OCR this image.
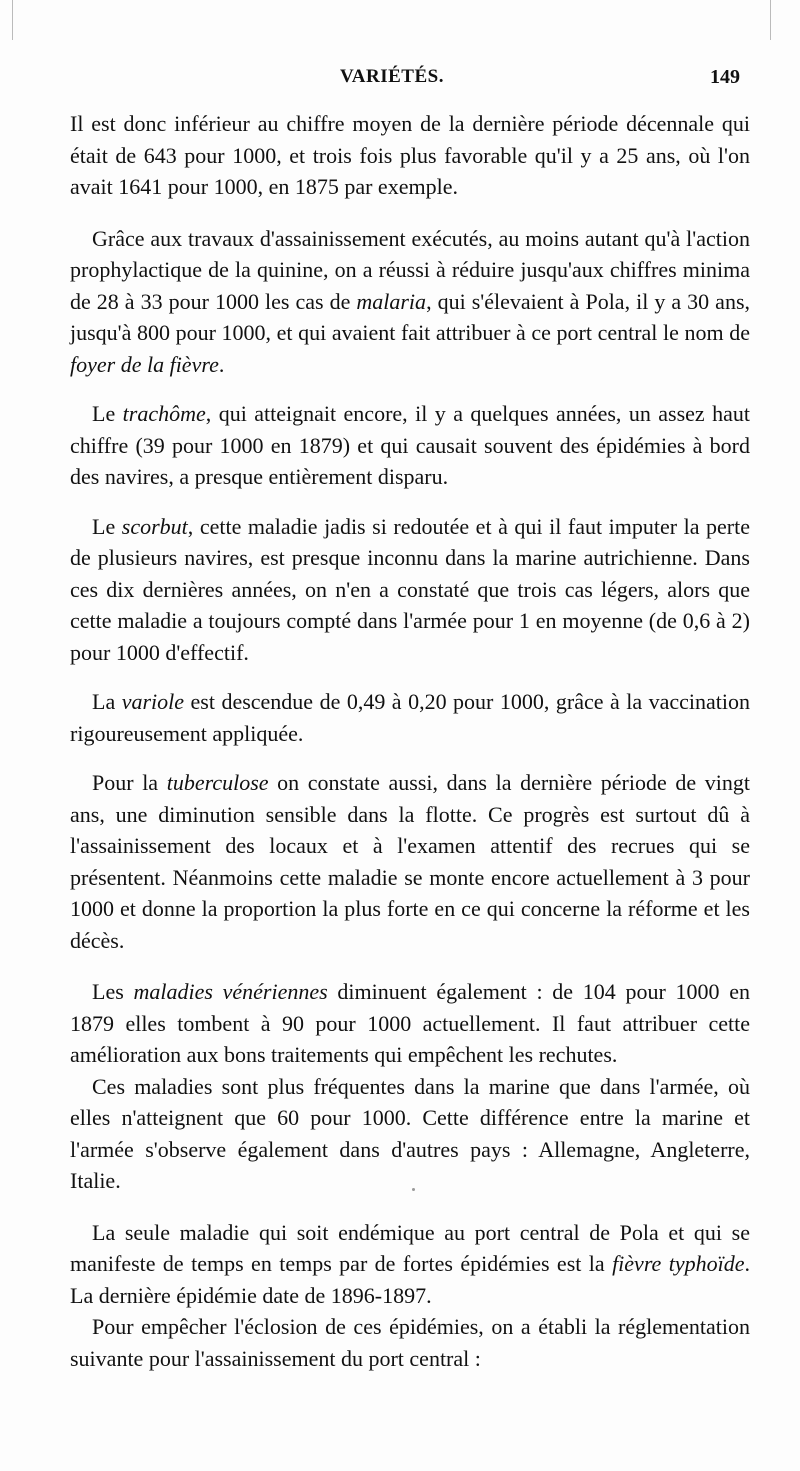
VARIÉTÉS.	149

Il est donc inférieur au chiffre moyen de la dernière période décennale qui était de 643 pour 1000, et trois fois plus favorable qu'il y a 25 ans, où l'on avait 1641 pour 1000, en 1875 par exemple.

Grâce aux travaux d'assainissement exécutés, au moins autant qu'à l'action prophylactique de la quinine, on a réussi à réduire jusqu'aux chiffres minima de 28 à 33 pour 1000 les cas de malaria, qui s'élevaient à Pola, il y a 30 ans, jusqu'à 800 pour 1000, et qui avaient fait attribuer à ce port central le nom de foyer de la fièvre.

Le trachôme, qui atteignait encore, il y a quelques années, un assez haut chiffre (39 pour 1000 en 1879) et qui causait souvent des épidémies à bord des navires, a presque entièrement disparu.

Le scorbut, cette maladie jadis si redoutée et à qui il faut imputer la perte de plusieurs navires, est presque inconnu dans la marine autrichienne. Dans ces dix dernières années, on n'en a constaté que trois cas légers, alors que cette maladie a toujours compté dans l'armée pour 1 en moyenne (de 0,6 à 2) pour 1000 d'effectif.

La variole est descendue de 0,49 à 0,20 pour 1000, grâce à la vaccination rigoureusement appliquée.

Pour la tuberculose on constate aussi, dans la dernière période de vingt ans, une diminution sensible dans la flotte. Ce progrès est surtout dû à l'assainissement des locaux et à l'examen attentif des recrues qui se présentent. Néanmoins cette maladie se monte encore actuellement à 3 pour 1000 et donne la proportion la plus forte en ce qui concerne la réforme et les décès.

Les maladies vénériennes diminuent également : de 104 pour 1000 en 1879 elles tombent à 90 pour 1000 actuellement. Il faut attribuer cette amélioration aux bons traitements qui empêchent les rechutes.

Ces maladies sont plus fréquentes dans la marine que dans l'armée, où elles n'atteignent que 60 pour 1000. Cette différence entre la marine et l'armée s'observe également dans d'autres pays : Allemagne, Angleterre, Italie.

La seule maladie qui soit endémique au port central de Pola et qui se manifeste de temps en temps par de fortes épidémies est la fièvre typhoïde. La dernière épidémie date de 1896-1897.

Pour empêcher l'éclosion de ces épidémies, on a établi la réglementation suivante pour l'assainissement du port central :
